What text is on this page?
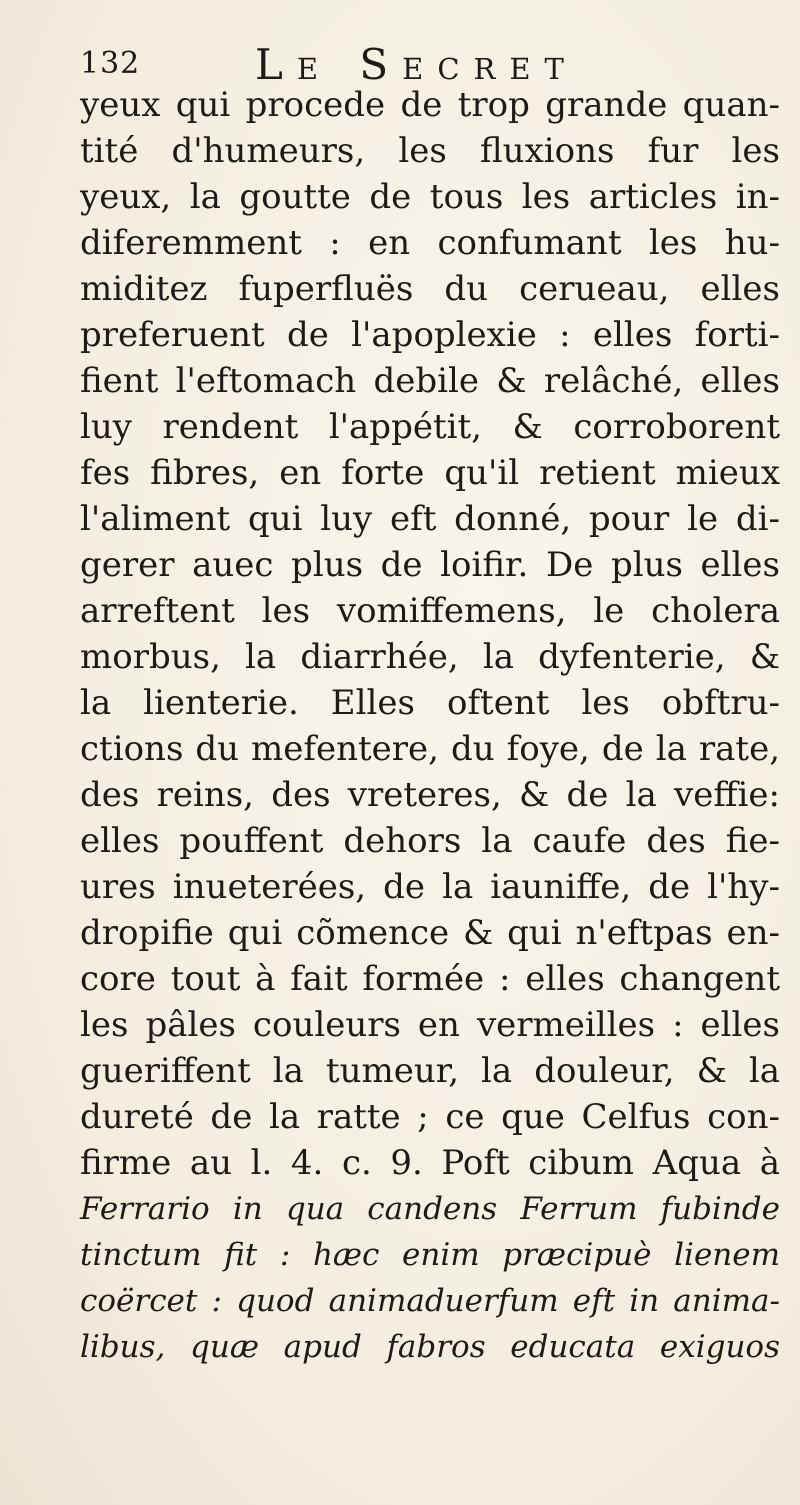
132	Le Secret
yeux qui procede de trop grande quan-
tité d'humeurs, les fluxions fur les
yeux, la goutte de tous les articles in-
diferemment : en confumant les hu-
miditez fuperfluës du cerueau, elles
preferuent de l'apoplexie : elles forti-
fient l'eftomach debile & relâché, elles
luy rendent l'appétit, & corroborent
fes fibres, en forte qu'il retient mieux
l'aliment qui luy eft donné, pour le di-
gerer auec plus de loifir. De plus elles
arreftent les vomiffemens, le cholera
morbus, la diarrhée, la dyfenterie, &
la lienterie. Elles oftent les obftru-
ctions du mefentere, du foye, de la rate,
des reins, des vreteres, & de la veffie:
elles pouffent dehors la caufe des fie-
ures inueterées, de la iauniffe, de l'hy-
dropifie qui cõmence & qui n'eftpas en-
core tout à fait formée : elles changent
les pâles couleurs en vermeilles : elles
gueriffent la tumeur, la douleur, & la
dureté de la ratte ; ce que Celfus con-
firme au l. 4. c. 9. Poft cibum Aqua à
Ferrario in qua candens Ferrum fubinde
tinctum fit : hæc enim præcipuè lienem
coërcet : quod animaduerfum eft in anima-
libus, quæ apud fabros educata exiguos
